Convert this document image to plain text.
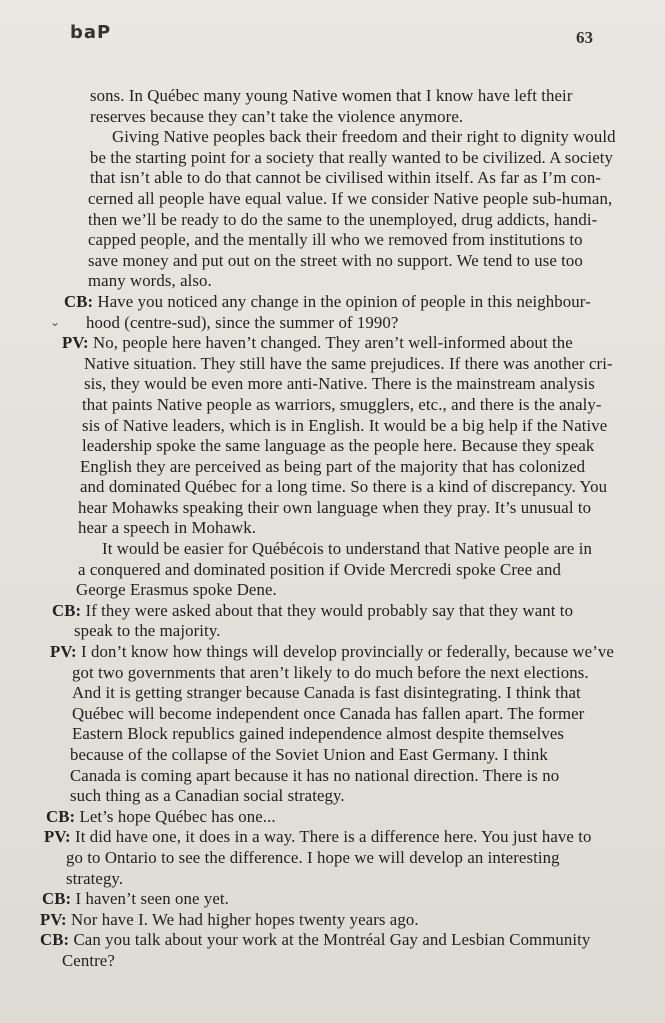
baP	63
⌄
sons. In Québec many young Native women that I know have left their
reserves because they can’t take the violence anymore.
Giving Native peoples back their freedom and their right to dignity would
be the starting point for a society that really wanted to be civilized. A society
that isn’t able to do that cannot be civilised within itself. As far as I’m con-
cerned all people have equal value. If we consider Native people sub-human,
then we’ll be ready to do the same to the unemployed, drug addicts, handi-
capped people, and the mentally ill who we removed from institutions to
save money and put out on the street with no support. We tend to use too
many words, also.
CB: Have you noticed any change in the opinion of people in this neighbour-
hood (centre-sud), since the summer of 1990?
PV: No, people here haven’t changed. They aren’t well-informed about the
Native situation. They still have the same prejudices. If there was another cri-
sis, they would be even more anti-Native. There is the mainstream analysis
that paints Native people as warriors, smugglers, etc., and there is the analy-
sis of Native leaders, which is in English. It would be a big help if the Native
leadership spoke the same language as the people here. Because they speak
English they are perceived as being part of the majority that has colonized
and dominated Québec for a long time. So there is a kind of discrepancy. You
hear Mohawks speaking their own language when they pray. It’s unusual to
hear a speech in Mohawk.
It would be easier for Québécois to understand that Native people are in
a conquered and dominated position if Ovide Mercredi spoke Cree and
George Erasmus spoke Dene.
CB: If they were asked about that they would probably say that they want to
speak to the majority.
PV: I don’t know how things will develop provincially or federally, because we’ve
got two governments that aren’t likely to do much before the next elections.
And it is getting stranger because Canada is fast disintegrating. I think that
Québec will become independent once Canada has fallen apart. The former
Eastern Block republics gained independence almost despite themselves
because of the collapse of the Soviet Union and East Germany. I think
Canada is coming apart because it has no national direction. There is no
such thing as a Canadian social strategy.
CB: Let’s hope Québec has one...
PV: It did have one, it does in a way. There is a difference here. You just have to
go to Ontario to see the difference. I hope we will develop an interesting
strategy.
CB: I haven’t seen one yet.
PV: Nor have I. We had higher hopes twenty years ago.
CB: Can you talk about your work at the Montréal Gay and Lesbian Community
Centre?
